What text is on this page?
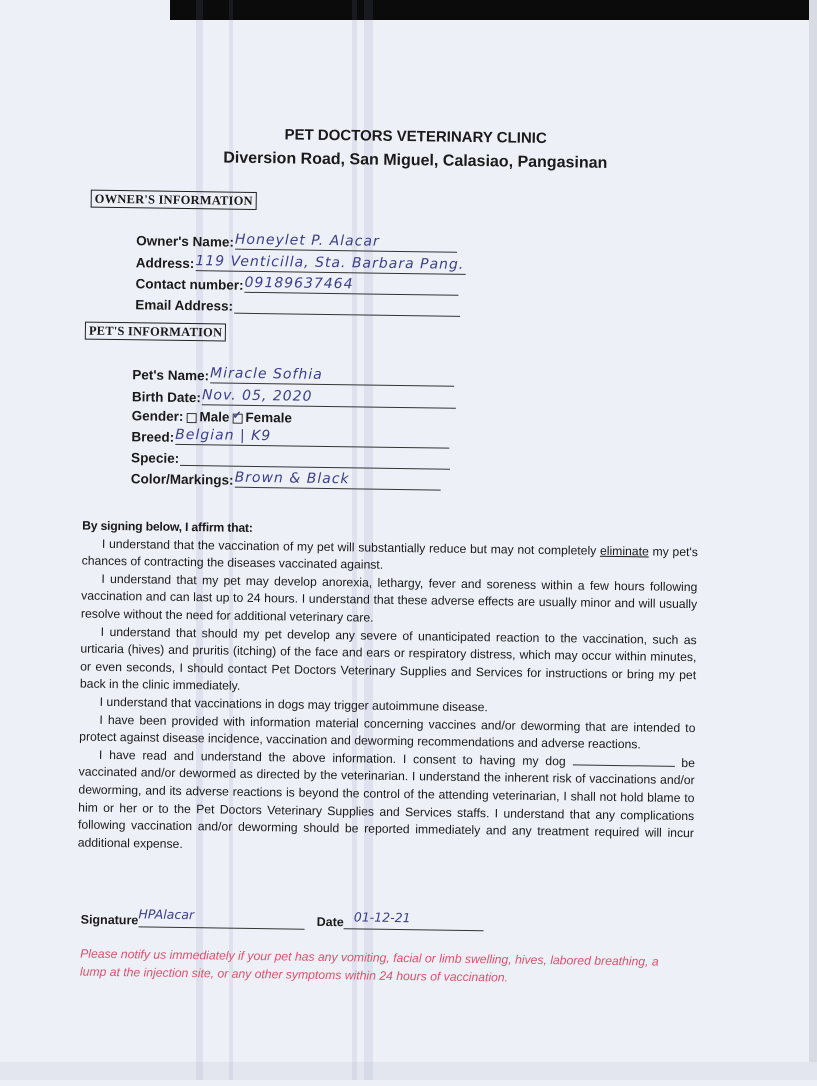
PET DOCTORS VETERINARY CLINIC
Diversion Road, San Miguel, Calasiao, Pangasinan
OWNER'S INFORMATION
Owner's Name: Honeylet P. Alacar
Address: 119 Venticilla, Sta. Barbara Pang.
Contact number: 09189637464
Email Address:
PET'S INFORMATION
Pet's Name: Miracle Sofhia
Birth Date: Nov. 05, 2020
Gender: Male
✓ Female
Breed: Belgian | K9
Specie:
Color/Markings: Brown & Black
By signing below, I affirm that:

I understand that the vaccination of my pet will substantially reduce but may not completely eliminate my pet's chances of contracting the diseases vaccinated against.

I understand that my pet may develop anorexia, lethargy, fever and soreness within a few hours following vaccination and can last up to 24 hours. I understand that these adverse effects are usually minor and will usually resolve without the need for additional veterinary care.

I understand that should my pet develop any severe of unanticipated reaction to the vaccination, such as urticaria (hives) and pruritis (itching) of the face and ears or respiratory distress, which may occur within minutes, or even seconds, I should contact Pet Doctors Veterinary Supplies and Services for instructions or bring my pet back in the clinic immediately.

I understand that vaccinations in dogs may trigger autoimmune disease.

I have been provided with information material concerning vaccines and/or deworming that are intended to protect against disease incidence, vaccination and deworming recommendations and adverse reactions.

I have read and understand the above information. I consent to having my dog	be vaccinated and/or dewormed as directed by the veterinarian. I understand the inherent risk of vaccinations and/or deworming, and its adverse reactions is beyond the control of the attending veterinarian, I shall not hold blame to him or her or to the Pet Doctors Veterinary Supplies and Services staffs. I understand that any complications following vaccination and/or deworming should be reported immediately and any treatment required will incur additional expense.

Signature HPAlacar	Date 01-12-21
Please notify us immediately if your pet has any vomiting, facial or limb swelling, hives, labored breathing, a lump at the injection site, or any other symptoms within 24 hours of vaccination.
